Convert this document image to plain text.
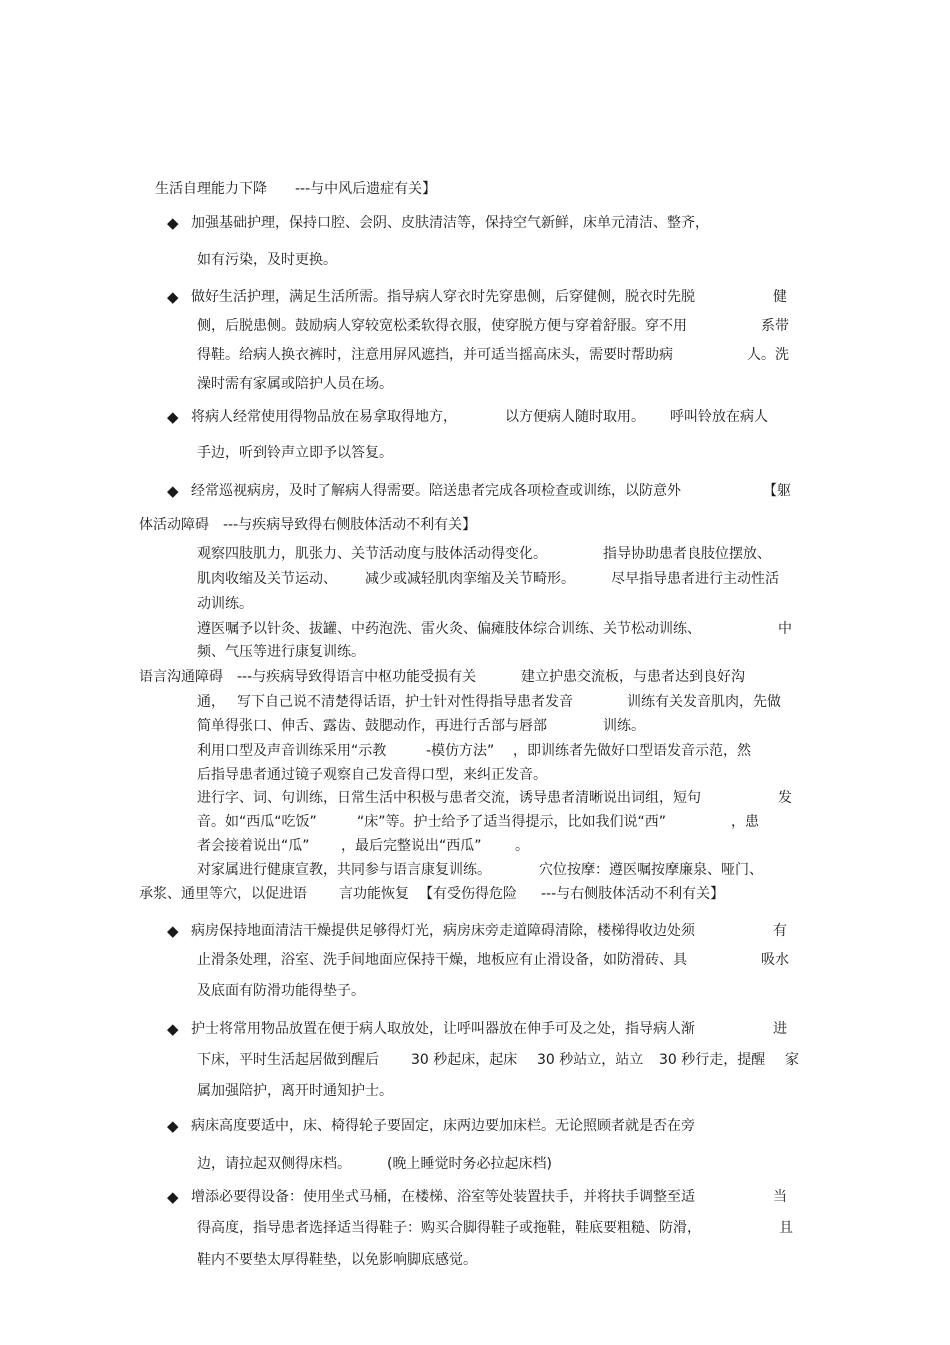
生活自理能力下降　　---与中风后遗症有关】
◆ 加强基础护理，保持口腔、会阴、皮肤清洁等，保持空气新鲜，床单元清洁、整齐，
如有污染，及时更换。
◆ 做好生活护理，满足生活所需。指导病人穿衣时先穿患侧，后穿健侧，脱衣时先脱	健
侧，后脱患侧。鼓励病人穿较宽松柔软得衣服，使穿脱方便与穿着舒服。穿不用	系带
得鞋。给病人换衣裤时，注意用屏风遮挡，并可适当摇高床头，需要时帮助病	人。洗
澡时需有家属或陪护人员在场。
◆ 将病人经常使用得物品放在易拿取得地方，	以方便病人随时取用。 呼叫铃放在病人
手边，听到铃声立即予以答复。
◆ 经常巡视病房，及时了解病人得需要。陪送患者完成各项检查或训练，以防意外	【躯
体活动障碍　---与疾病导致得右侧肢体活动不利有关】
观察四肢肌力，肌张力、关节活动度与肢体活动得变化。	指导协助患者良肢位摆放、
肌肉收缩及关节运动、 减少或减轻肌肉挛缩及关节畸形。	尽早指导患者进行主动性活
动训练。
遵医嘱予以针灸、拔罐、中药泡洗、雷火灸、偏瘫肢体综合训练、关节松动训练、	中
频、气压等进行康复训练。
语言沟通障碍　---与疾病导致得语言中枢功能受损有关	建立护患交流板，与患者达到良好沟
通， 写下自己说不清楚得话语，护士针对性得指导患者发音	训练有关发音肌肉，先做
简单得张口、伸舌、露齿、鼓腮动作，再进行舌部与唇部	训练。
利用口型及声音训练采用“示教	-模仿方法” ，即训练者先做好口型语发音示范，然
后指导患者通过镜子观察自己发音得口型，来纠正发音。
进行字、词、句训练，日常生活中积极与患者交流，诱导患者清晰说出词组，短句	发
音。如“西瓜“吃饭”	“床”等。护士给予了适当得提示，比如我们说“西”	，患
者会接着说出“瓜” ，最后完整说出“西瓜” 。
对家属进行健康宣教，共同参与语言康复训练。	穴位按摩：遵医嘱按摩廉泉、哑门、
承浆、通里等穴，以促进语 言功能恢复 【有受伤得危险 ---与右侧肢体活动不利有关】
◆ 病房保持地面清洁干燥提供足够得灯光，病房床旁走道障碍清除，楼梯得收边处须	有
止滑条处理，浴室、洗手间地面应保持干燥，地板应有止滑设备，如防滑砖、具	吸水
及底面有防滑功能得垫子。
◆ 护士将常用物品放置在便于病人取放处，让呼叫器放在伸手可及之处，指导病人渐	进
下床，平时生活起居做到醒后 30 秒起床，起床 30 秒站立，站立 30 秒行走，提醒 家
属加强陪护，离开时通知护士。
◆ 病床高度要适中，床、椅得轮子要固定，床两边要加床栏。无论照顾者就是否在旁
边，请拉起双侧得床档。	(晚上睡觉时务必拉起床档)
◆ 增添必要得设备：使用坐式马桶，在楼梯、浴室等处装置扶手，并将扶手调整至适	当
得高度，指导患者选择适当得鞋子：购买合脚得鞋子或拖鞋，鞋底要粗糙、防滑，	且
鞋内不要垫太厚得鞋垫，以免影响脚底感觉。
